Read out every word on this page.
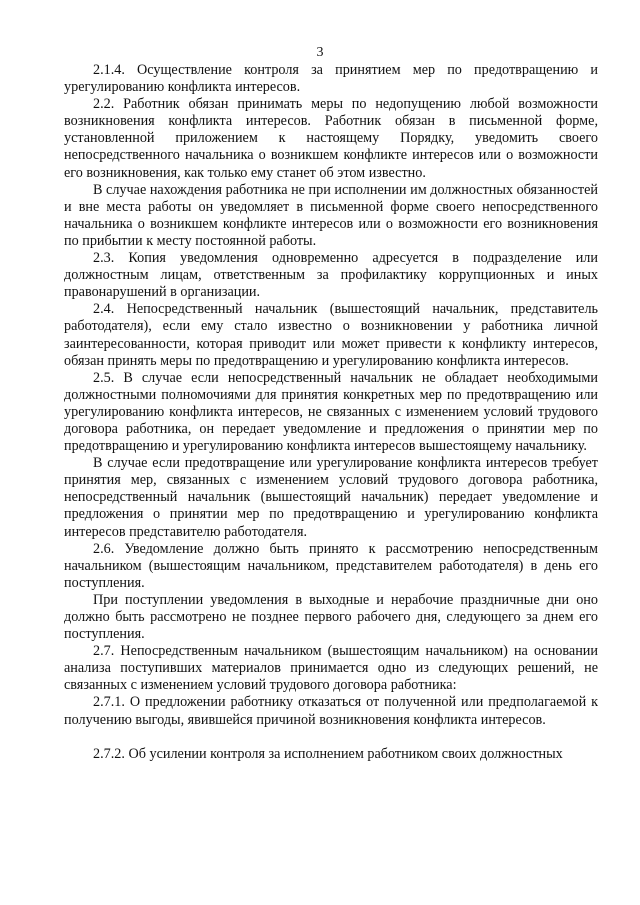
3

2.1.4. Осуществление контроля за принятием мер по предотвращению и урегулированию конфликта интересов.

2.2. Работник обязан принимать меры по недопущению любой возможности возникновения конфликта интересов. Работник обязан в письменной форме, установленной приложением к настоящему Порядку, уведомить своего непосредственного начальника о возникшем конфликте интересов или о возможности его возникновения, как только ему станет об этом известно.

В случае нахождения работника не при исполнении им должностных обязанностей и вне места работы он уведомляет в письменной форме своего непосредственного начальника о возникшем конфликте интересов или о возможности его возникновения по прибытии к месту постоянной работы.

2.3. Копия уведомления одновременно адресуется в подразделение или должностным лицам, ответственным за профилактику коррупционных и иных правонарушений в организации.

2.4. Непосредственный начальник (вышестоящий начальник, представитель работодателя), если ему стало известно о возникновении у работника личной заинтересованности, которая приводит или может привести к конфликту интересов, обязан принять меры по предотвращению и урегулированию конфликта интересов.

2.5. В случае если непосредственный начальник не обладает необходимыми должностными полномочиями для принятия конкретных мер по предотвращению или урегулированию конфликта интересов, не связанных с изменением условий трудового договора работника, он передает уведомление и предложения о принятии мер по предотвращению и урегулированию конфликта интересов вышестоящему начальнику.

В случае если предотвращение или урегулирование конфликта интересов требует принятия мер, связанных с изменением условий трудового договора работника, непосредственный начальник (вышестоящий начальник) передает уведомление и предложения о принятии мер по предотвращению и урегулированию конфликта интересов представителю работодателя.

2.6. Уведомление должно быть принято к рассмотрению непосредственным начальником (вышестоящим начальником, представителем работодателя) в день его поступления.

При поступлении уведомления в выходные и нерабочие праздничные дни оно должно быть рассмотрено не позднее первого рабочего дня, следующего за днем его поступления.

2.7. Непосредственным начальником (вышестоящим начальником) на основании анализа поступивших материалов принимается одно из следующих решений, не связанных с изменением условий трудового договора работника:

2.7.1. О предложении работнику отказаться от полученной или предполагаемой к получению выгоды, явившейся причиной возникновения конфликта интересов.

2.7.2. Об усилении контроля за исполнением работником своих должностных
